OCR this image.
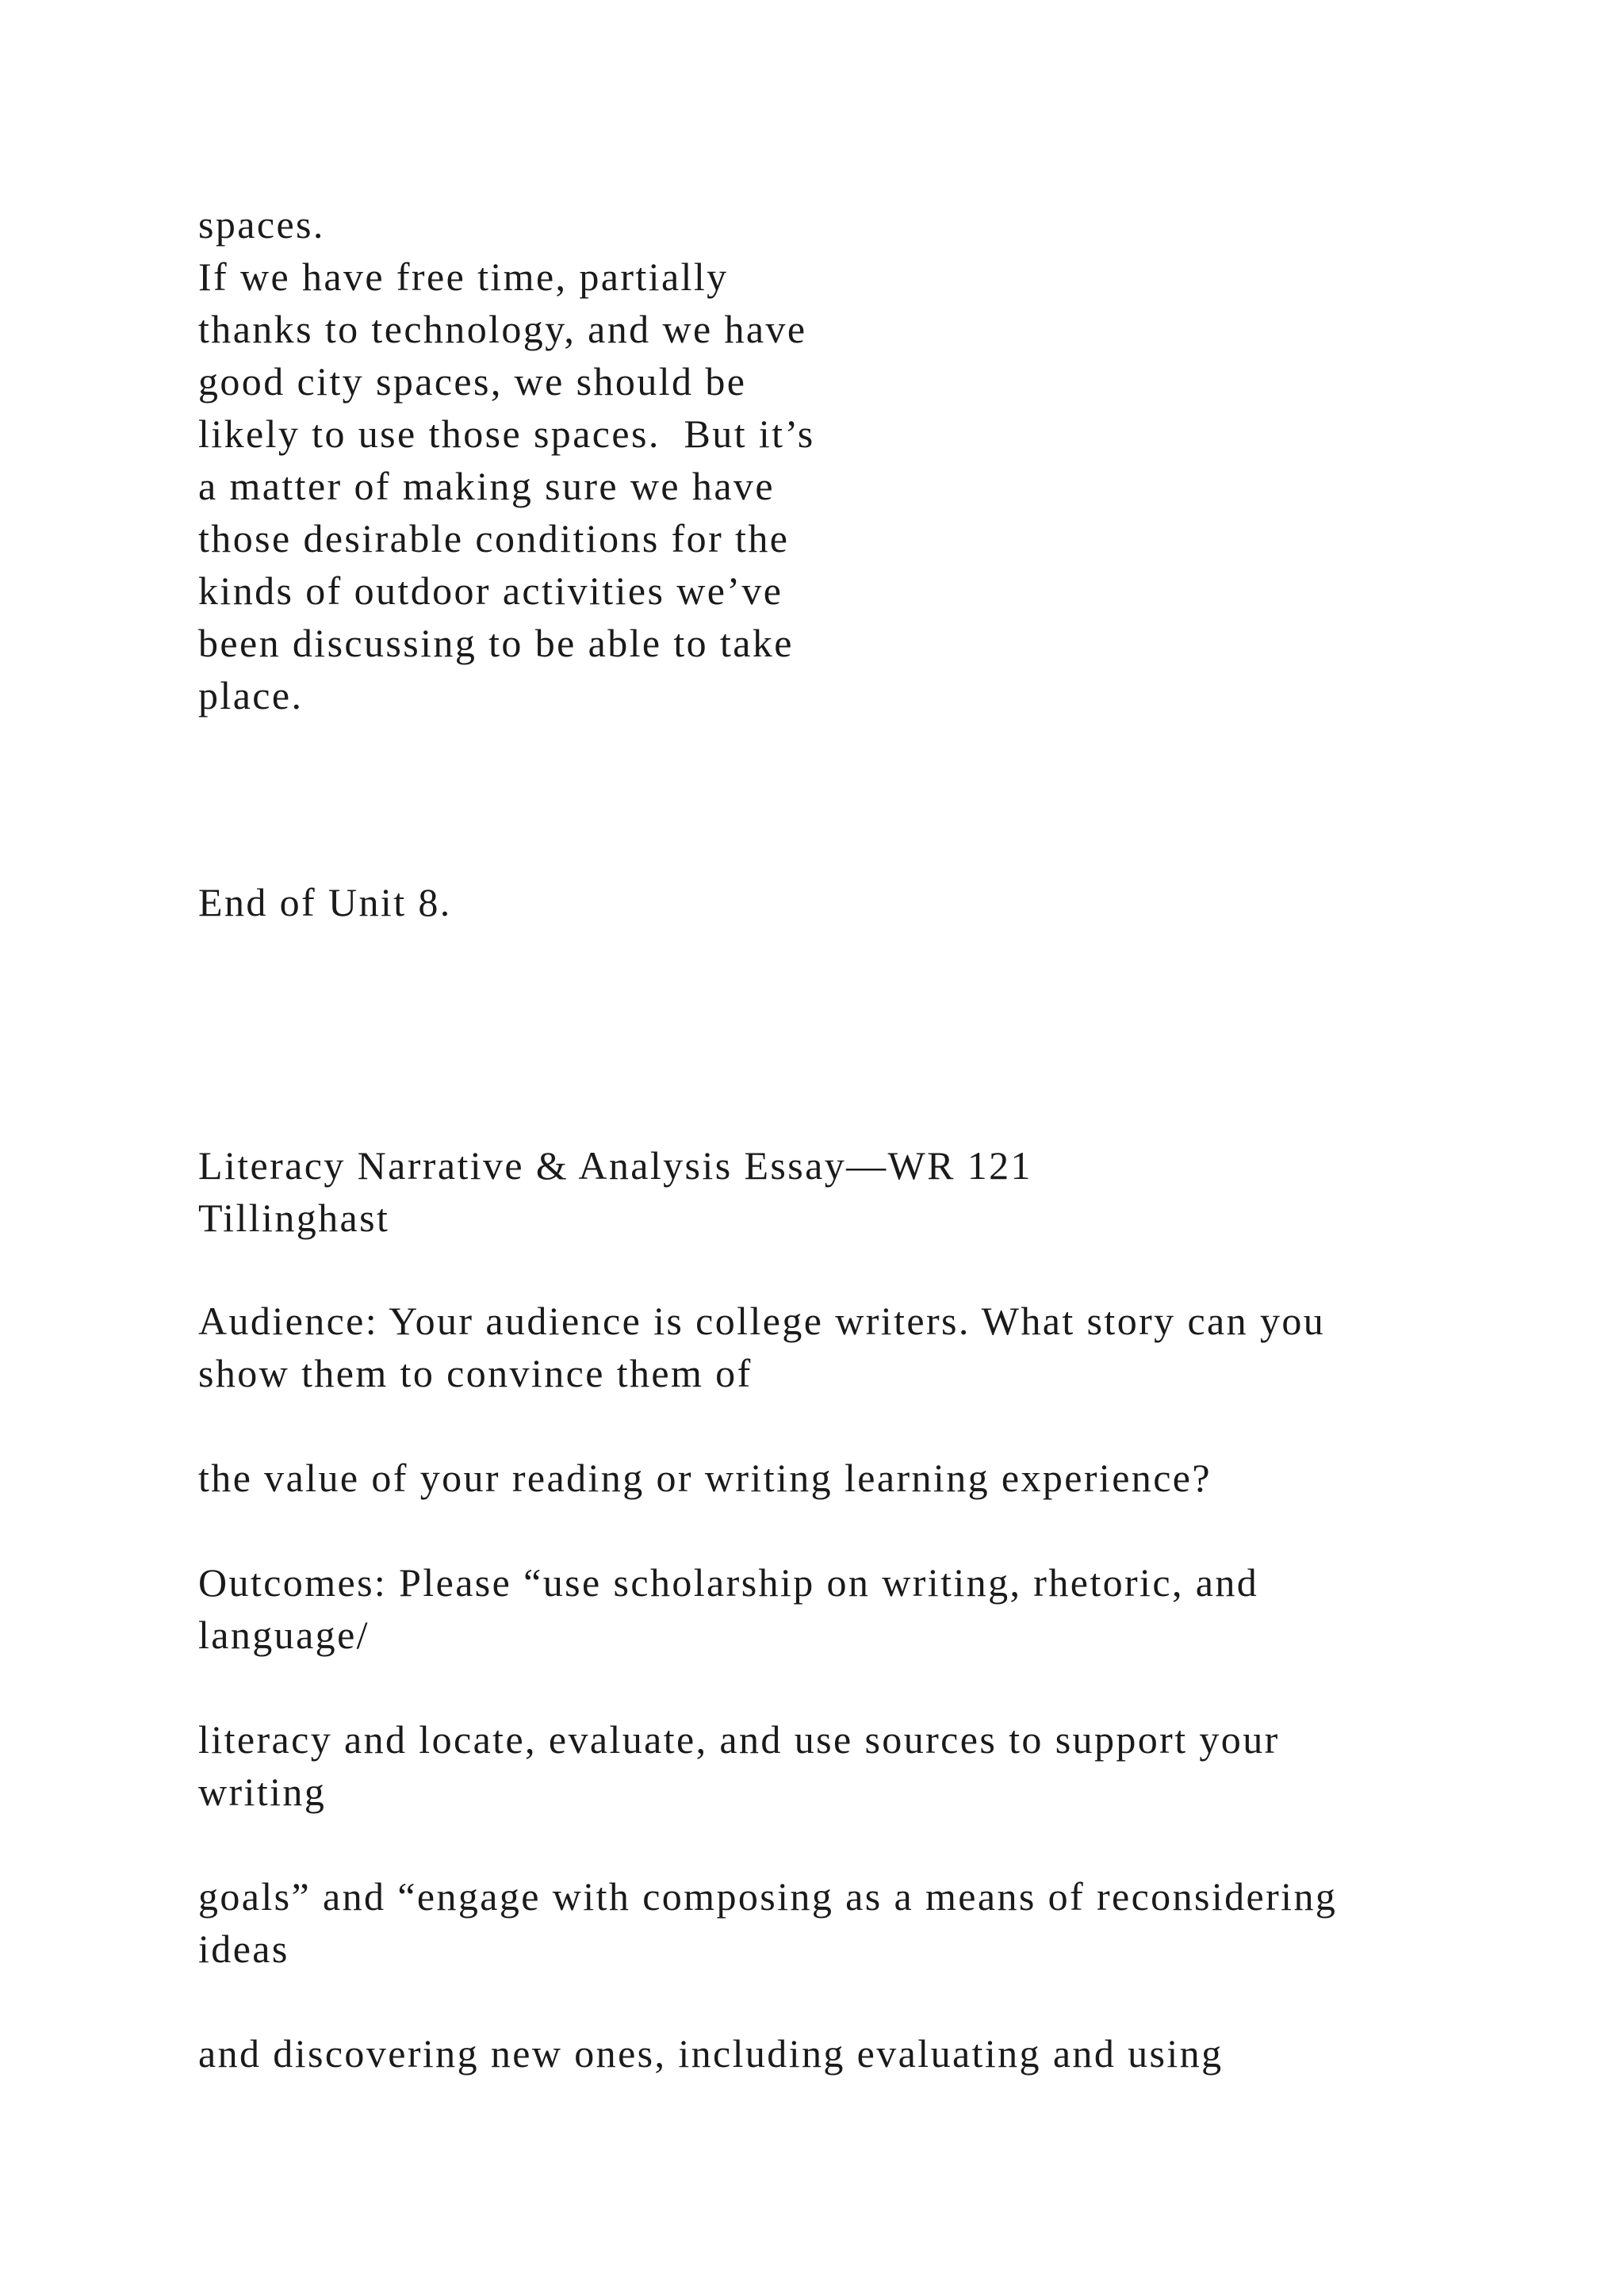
spaces.
If we have free time, partially
thanks to technology, and we have
good city spaces, we should be
likely to use those spaces.  But it’s
a matter of making sure we have
those desirable conditions for the
kinds of outdoor activities we’ve
been discussing to be able to take
place.
End of Unit 8.
Literacy Narrative & Analysis Essay—WR 121
Tillinghast
Audience: Your audience is college writers. What story can you
show them to convince them of
the value of your reading or writing learning experience?
Outcomes: Please “use scholarship on writing, rhetoric, and
language/
literacy and locate, evaluate, and use sources to support your
writing
goals” and “engage with composing as a means of reconsidering
ideas
and discovering new ones, including evaluating and using
